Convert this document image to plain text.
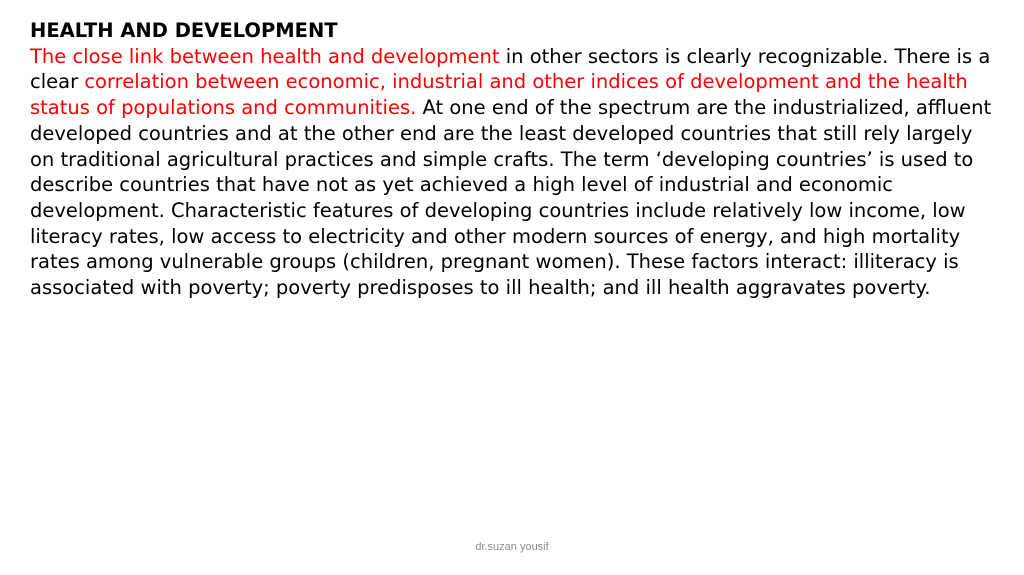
HEALTH AND DEVELOPMENT
The close link between health and development in other sectors is clearly recognizable. There is a clear correlation between economic, industrial and other indices of development and the health status of populations and communities. At one end of the spectrum are the industrialized, affluent developed countries and at the other end are the least developed countries that still rely largely on traditional agricultural practices and simple crafts. The term ‘developing countries’ is used to describe countries that have not as yet achieved a high level of industrial and economic development. Characteristic features of developing countries include relatively low income, low literacy rates, low access to electricity and other modern sources of energy, and high mortality rates among vulnerable groups (children, pregnant women). These factors interact: illiteracy is associated with poverty; poverty predisposes to ill health; and ill health aggravates poverty.
dr.suzan yousif
